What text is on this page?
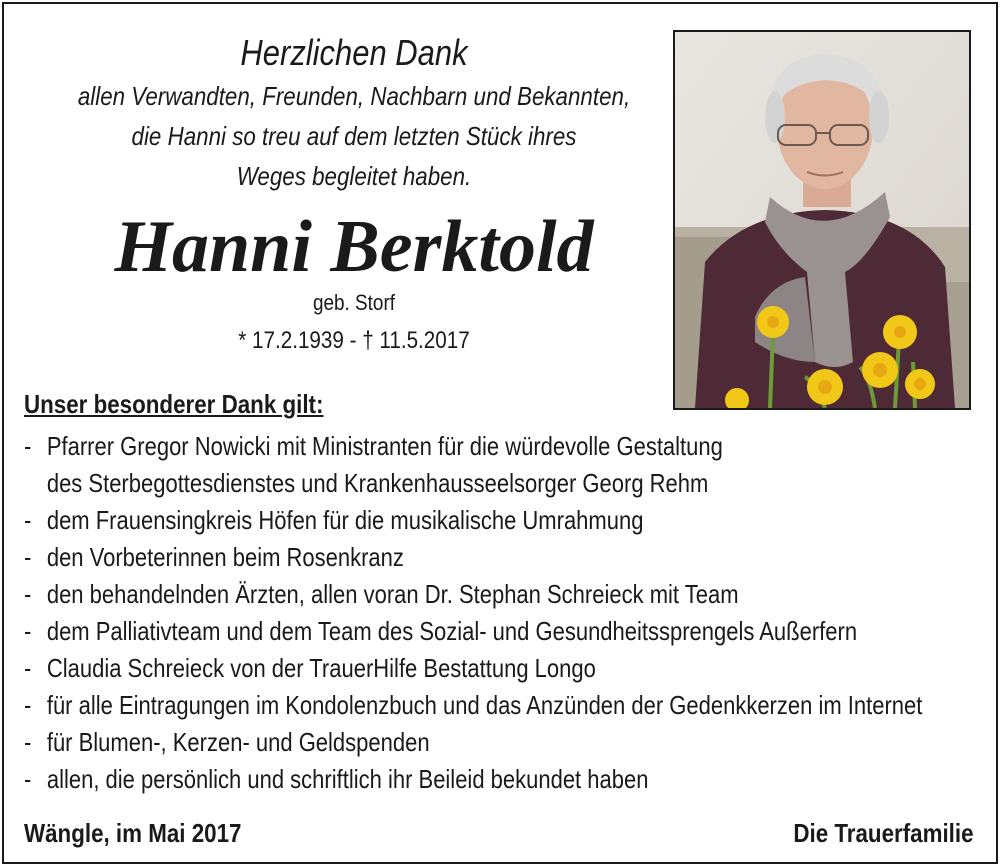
Herzlichen Dank
allen Verwandten, Freunden, Nachbarn und Bekannten,
die Hanni so treu auf dem letzten Stück ihres
Weges begleitet haben.
Hanni Berktold
geb. Storf
* 17.2.1939 - † 11.5.2017
Unser besonderer Dank gilt:
- Pfarrer Gregor Nowicki mit Ministranten für die würdevolle Gestaltung
des Sterbegottesdienstes und Krankenhausseelsorger Georg Rehm
- dem Frauensingkreis Höfen für die musikalische Umrahmung
- den Vorbeterinnen beim Rosenkranz
- den behandelnden Ärzten, allen voran Dr. Stephan Schreieck mit Team
- dem Palliativteam und dem Team des Sozial- und Gesundheitssprengels Außerfern
- Claudia Schreieck von der TrauerHilfe Bestattung Longo
- für alle Eintragungen im Kondolenzbuch und das Anzünden der Gedenkkerzen im Internet
- für Blumen-, Kerzen- und Geldspenden
- allen, die persönlich und schriftlich ihr Beileid bekundet haben
Wängle, im Mai 2017	Die Trauerfamilie
